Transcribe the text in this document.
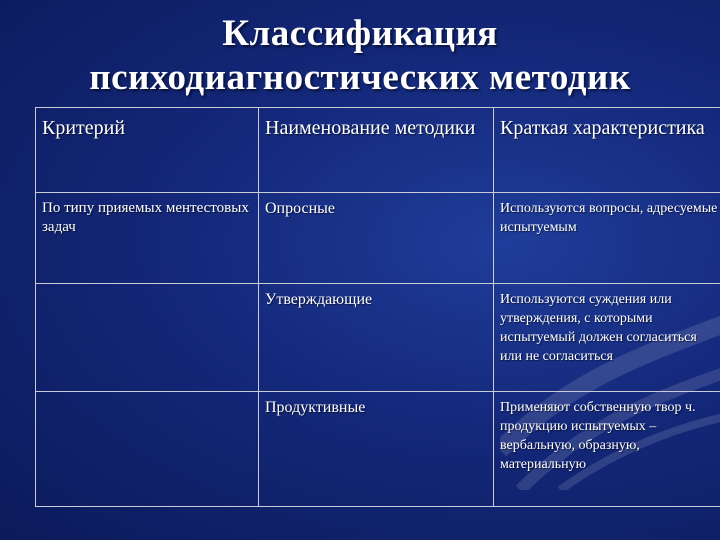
Классификация
психодиагностических методик
Критерий	Наименование методики	Краткая характеристика
По типу прияемых ментестовых задач	Опросные	Используются вопросы, адресуемые испытуемым
	Утверждающие	Используются суждения или утверждения, с которыми испытуемый должен согласиться или не согласиться
	Продуктивные	Применяют собственную твор ч. продукцию испытуемых – вербальную, образную, материальную
